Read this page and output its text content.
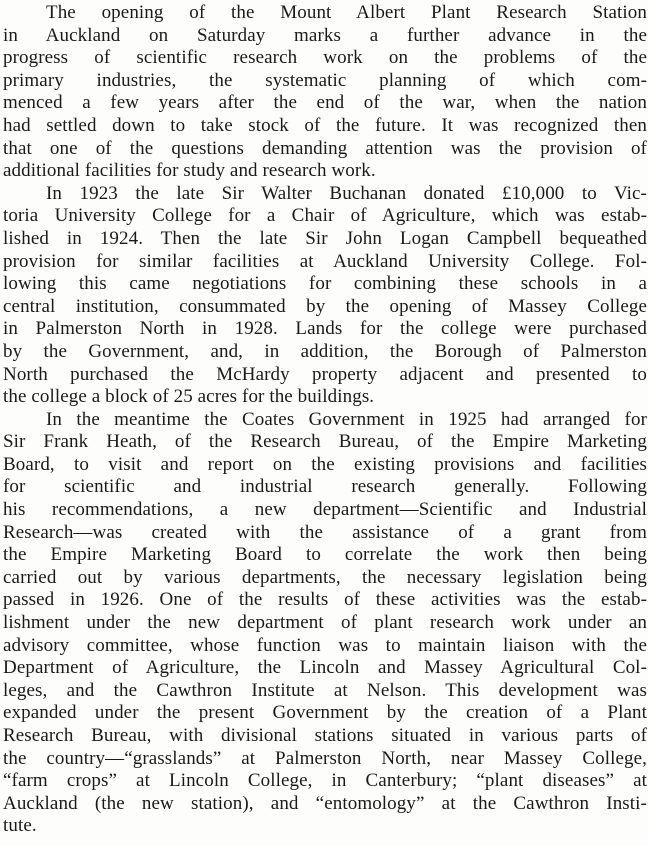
The opening of the Mount Albert Plant Research Station
in Auckland on Saturday marks a further advance in the
progress of scientific research work on the problems of the
primary industries, the systematic planning of which com-
menced a few years after the end of the war, when the nation
had settled down to take stock of the future. It was recognized then
that one of the questions demanding attention was the provision of
additional facilities for study and research work.
In 1923 the late Sir Walter Buchanan donated £10,000 to Vic-
toria University College for a Chair of Agriculture, which was estab-
lished in 1924. Then the late Sir John Logan Campbell bequeathed
provision for similar facilities at Auckland University College. Fol-
lowing this came negotiations for combining these schools in a
central institution, consummated by the opening of Massey College
in Palmerston North in 1928. Lands for the college were purchased
by the Government, and, in addition, the Borough of Palmerston
North purchased the McHardy property adjacent and presented to
the college a block of 25 acres for the buildings.
In the meantime the Coates Government in 1925 had arranged for
Sir Frank Heath, of the Research Bureau, of the Empire Marketing
Board, to visit and report on the existing provisions and facilities
for scientific and industrial research generally. Following
his recommendations, a new department—Scientific and Industrial
Research—was created with the assistance of a grant from
the Empire Marketing Board to correlate the work then being
carried out by various departments, the necessary legislation being
passed in 1926. One of the results of these activities was the estab-
lishment under the new department of plant research work under an
advisory committee, whose function was to maintain liaison with the
Department of Agriculture, the Lincoln and Massey Agricultural Col-
leges, and the Cawthron Institute at Nelson. This development was
expanded under the present Government by the creation of a Plant
Research Bureau, with divisional stations situated in various parts of
the country—“grasslands” at Palmerston North, near Massey College,
“farm crops” at Lincoln College, in Canterbury; “plant diseases” at
Auckland (the new station), and “entomology” at the Cawthron Insti-
tute.
